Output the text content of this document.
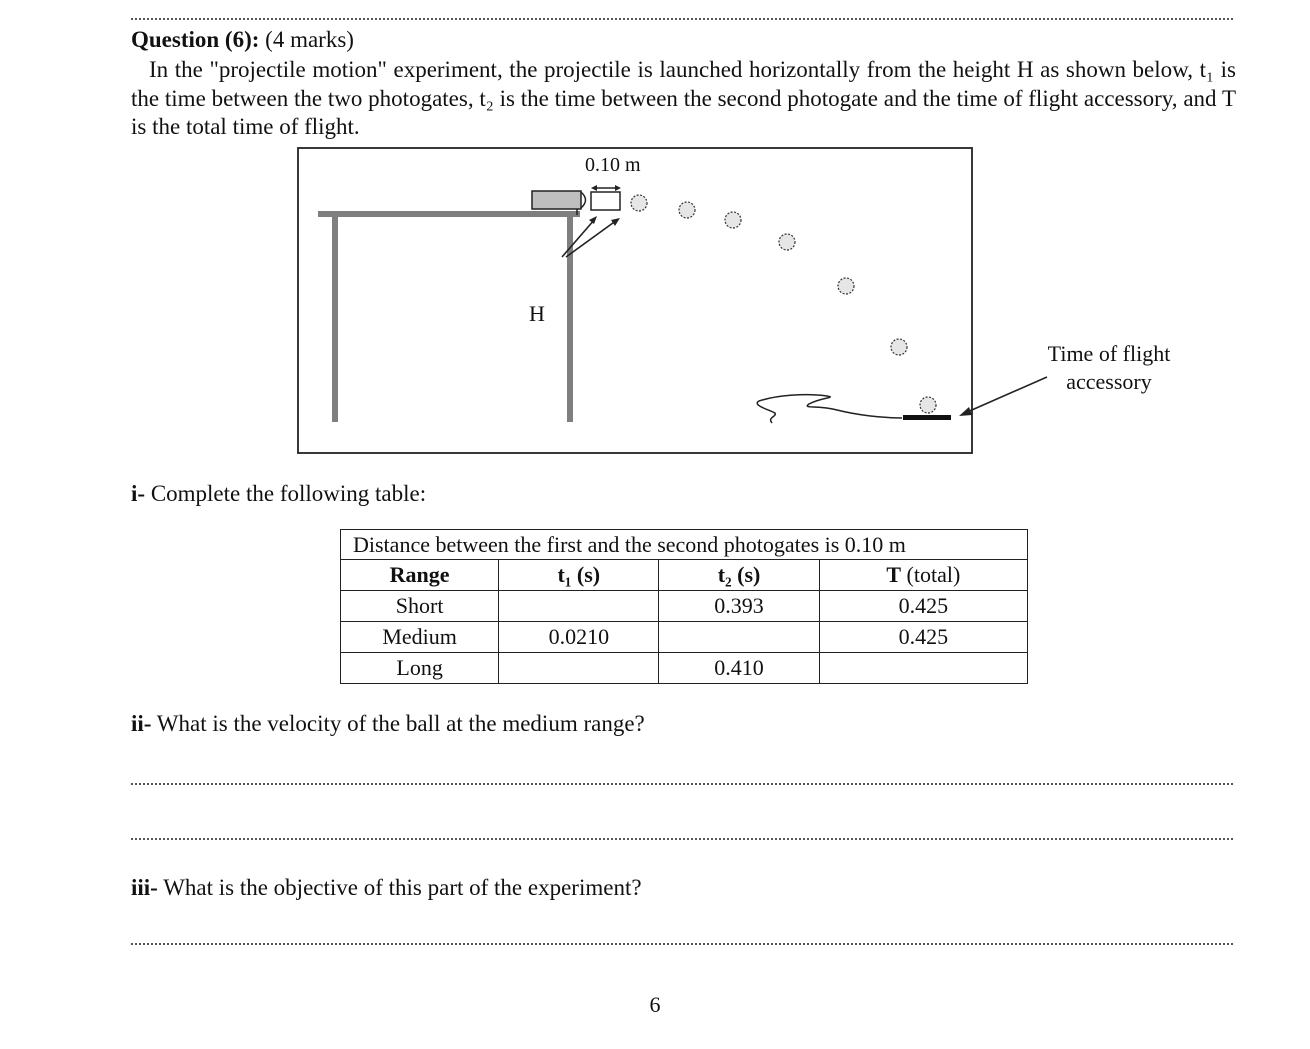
Question (6): (4 marks)
In the "projectile motion" experiment, the projectile is launched horizontally from the height H as shown below, t₁ is the time between the two photogates, t₂ is the time between the second photogate and the time of flight accessory, and T is the total time of flight.
0.10 m
H
Time of flight
accessory
i- Complete the following table:
Distance between the first and the second photogates is 0.10 m			
Range	t₁ (s)	t₂ (s)	T (total)
Short		0.393	0.425
Medium	0.0210		0.425
Long		0.410	
ii- What is the velocity of the ball at the medium range?
iii- What is the objective of this part of the experiment?
6
